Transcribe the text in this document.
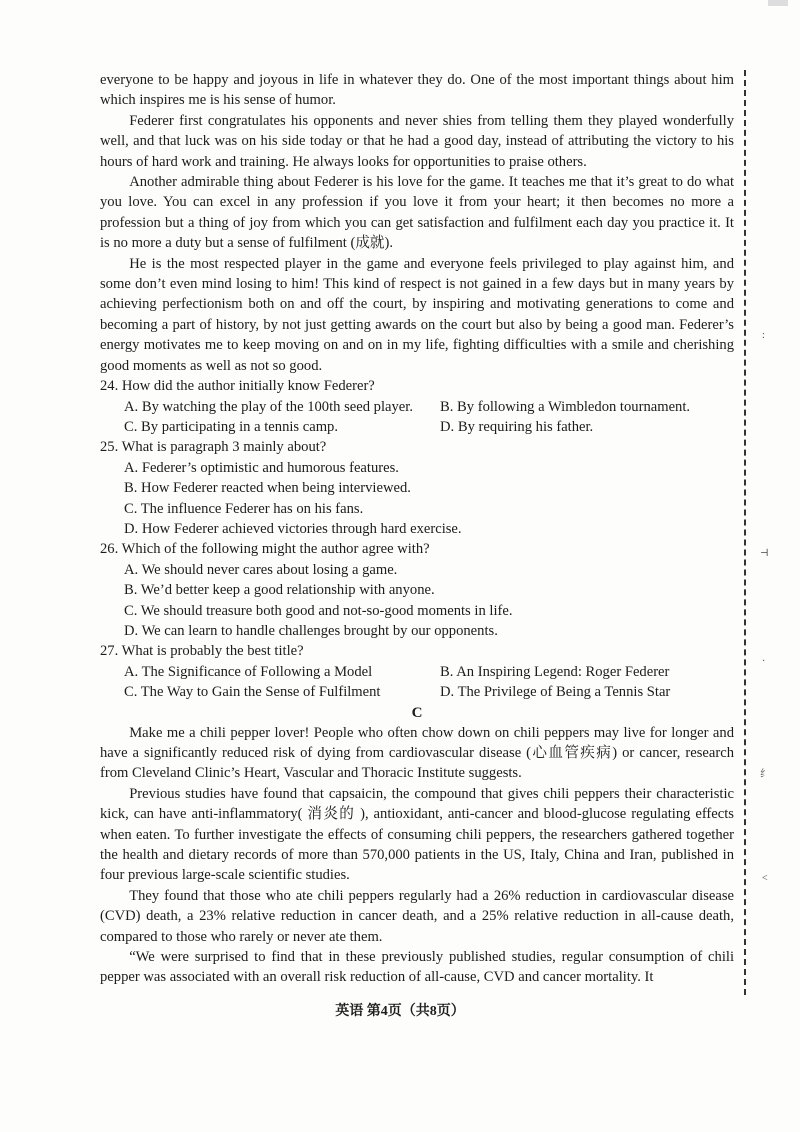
:
⊣
·
纟
˂

everyone to be happy and joyous in life in whatever they do. One of the most important things about him which inspires me is his sense of humor.

Federer first congratulates his opponents and never shies from telling them they played wonderfully well, and that luck was on his side today or that he had a good day, instead of attributing the victory to his hours of hard work and training. He always looks for opportunities to praise others.

Another admirable thing about Federer is his love for the game. It teaches me that it’s great to do what you love. You can excel in any profession if you love it from your heart; it then becomes no more a profession but a thing of joy from which you can get satisfaction and fulfilment each day you practice it. It is no more a duty but a sense of fulfilment (成就).

He is the most respected player in the game and everyone feels privileged to play against him, and some don’t even mind losing to him! This kind of respect is not gained in a few days but in many years by achieving perfectionism both on and off the court, by inspiring and motivating generations to come and becoming a part of history, by not just getting awards on the court but also by being a good man. Federer’s energy motivates me to keep moving on and on in my life, fighting difficulties with a smile and cherishing good moments as well as not so good.

24. How did the author initially know Federer?

A. By watching the play of the 100th seed player.	B. By following a Wimbledon tournament.
C. By participating in a tennis camp.	D. By requiring his father.

25. What is paragraph 3 mainly about?

A. Federer’s optimistic and humorous features.

B. How Federer reacted when being interviewed.

C. The influence Federer has on his fans.

D. How Federer achieved victories through hard exercise.

26. Which of the following might the author agree with?

A. We should never cares about losing a game.

B. We’d better keep a good relationship with anyone.

C. We should treasure both good and not-so-good moments in life.

D. We can learn to handle challenges brought by our opponents.

27. What is probably the best title?

A. The Significance of Following a Model	B. An Inspiring Legend: Roger Federer
C. The Way to Gain the Sense of Fulfilment	D. The Privilege of Being a Tennis Star

C

Make me a chili pepper lover! People who often chow down on chili peppers may live for longer and have a significantly reduced risk of dying from cardiovascular disease (心血管疾病) or cancer, research from Cleveland Clinic’s Heart, Vascular and Thoracic Institute suggests.

Previous studies have found that capsaicin, the compound that gives chili peppers their characteristic kick, can have anti-inflammatory( 消炎的 ), antioxidant, anti-cancer and blood-glucose regulating effects when eaten. To further investigate the effects of consuming chili peppers, the researchers gathered together the health and dietary records of more than 570,000 patients in the US, Italy, China and Iran, published in four previous large-scale scientific studies.

They found that those who ate chili peppers regularly had a 26% reduction in cardiovascular disease (CVD) death, a 23% relative reduction in cancer death, and a 25% relative reduction in all-cause death, compared to those who rarely or never ate them.

“We were surprised to find that in these previously published studies, regular consumption of chili pepper was associated with an overall risk reduction of all-cause, CVD and cancer mortality. It

英语 第4页（共8页）
